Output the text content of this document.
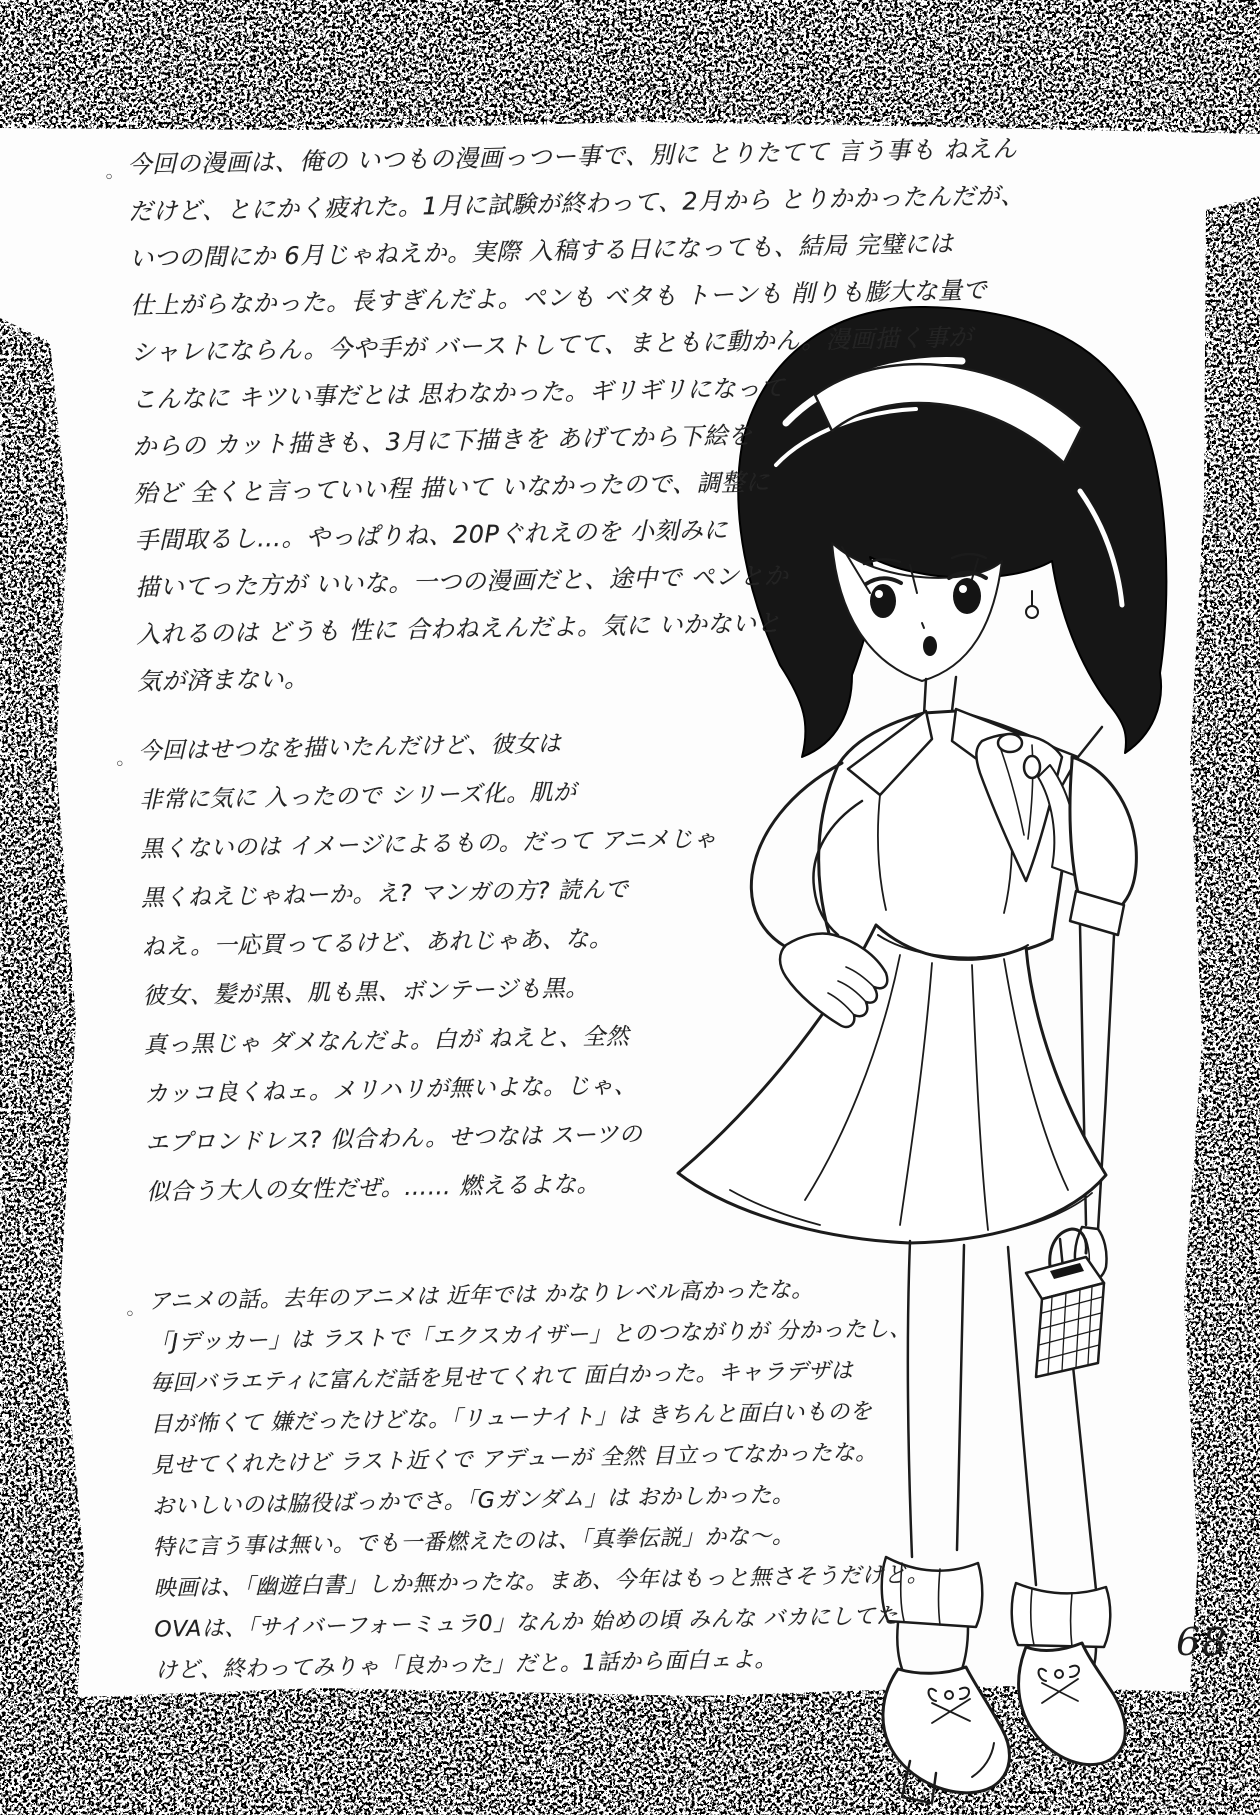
◦ 今回の漫画は、俺の いつもの漫画っつー事で、別に とりたてて 言う事も ねえん
だけど、とにかく疲れた。1月に試験が終わって、2月から とりかかったんだが、
いつの間にか 6月じゃねえか。実際 入稿する日になっても、結局 完璧には
仕上がらなかった。長すぎんだよ。ペンも ベタも トーンも 削りも膨大な量で
シャレにならん。今や手が バーストしてて、まともに動かん。漫画描く事が
こんなに キツい事だとは 思わなかった。ギリギリになって
からの カット描きも、3月に下描きを あげてから下絵を
殆ど 全くと言っていい程 描いて いなかったので、調整に
手間取るし…。やっぱりね、20Pぐれえのを 小刻みに
描いてった方が いいな。一つの漫画だと、途中で ペンとか
入れるのは どうも 性に 合わねえんだよ。気に いかないと
気が済まない。
◦ 今回はせつなを描いたんだけど、彼女は
非常に気に 入ったので シリーズ化。肌が
黒くないのは イメージによるもの。だって アニメじゃ
黒くねえじゃねーか。え? マンガの方? 読んで
ねえ。一応買ってるけど、あれじゃあ、な。
彼女、髪が黒、肌も黒、ボンテージも黒。
真っ黒じゃ ダメなんだよ。白が ねえと、全然
カッコ良くねェ。メリハリが無いよな。じゃ、
エプロンドレス? 似合わん。せつなは スーツの
似合う大人の女性だぜ。…… 燃えるよな。
◦ アニメの話。去年のアニメは 近年では かなりレベル高かったな。
「Jデッカー」は ラストで「エクスカイザー」とのつながりが 分かったし、
毎回バラエティに富んだ話を見せてくれて 面白かった。キャラデザは
目が怖くて 嫌だったけどな。「リューナイト」は きちんと面白いものを
見せてくれたけど ラスト近くで アデューが 全然 目立ってなかったな。
おいしいのは脇役ばっかでさ。「Gガンダム」は おかしかった。
特に言う事は無い。でも一番燃えたのは、「真拳伝説」かな～。
映画は、「幽遊白書」しか無かったな。まあ、今年はもっと無さそうだけど。
OVAは、「サイバーフォーミュラ0」なんか 始めの頃 みんな バカにしてた
けど、終わってみりゃ「良かった」だと。1話から面白ェよ。
68
